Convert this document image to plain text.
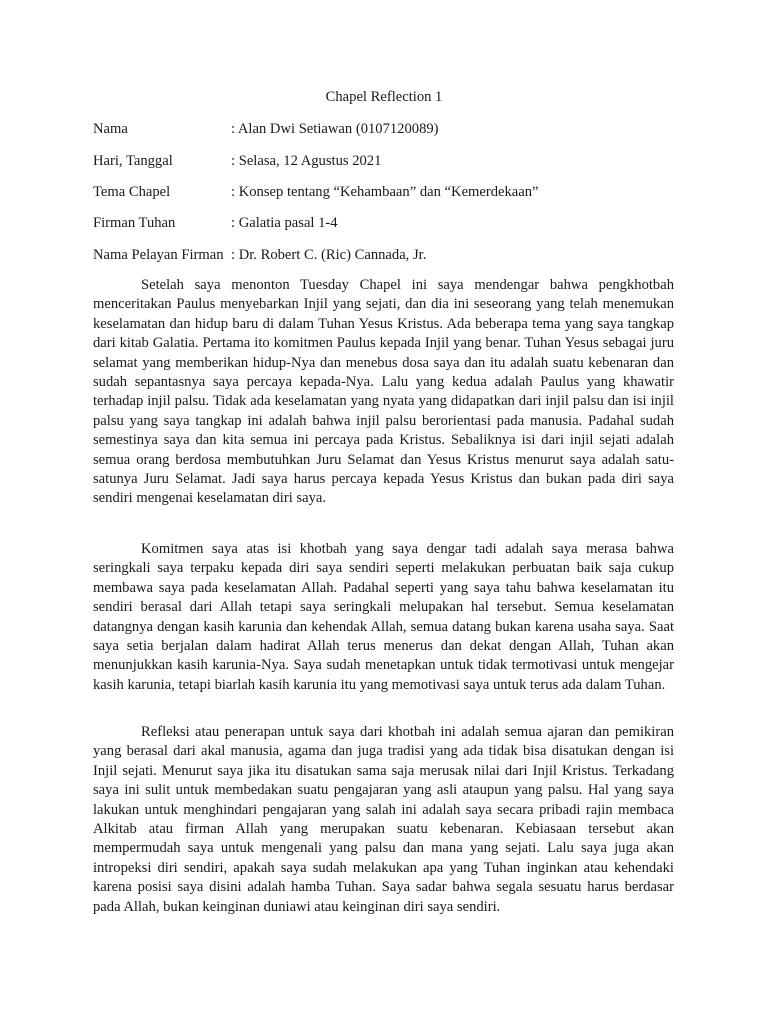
Chapel Reflection 1
Nama	: Alan Dwi Setiawan (0107120089)
Hari, Tanggal	: Selasa, 12 Agustus 2021
Tema Chapel	: Konsep tentang “Kehambaan” dan “Kemerdekaan”
Firman Tuhan	: Galatia pasal 1-4
Nama Pelayan Firman : Dr. Robert C. (Ric) Cannada, Jr.

Setelah saya menonton Tuesday Chapel ini saya mendengar bahwa pengkhotbah menceritakan Paulus menyebarkan Injil yang sejati, dan dia ini seseorang yang telah menemukan keselamatan dan hidup baru di dalam Tuhan Yesus Kristus. Ada beberapa tema yang saya tangkap dari kitab Galatia. Pertama ito komitmen Paulus kepada Injil yang benar. Tuhan Yesus sebagai juru selamat yang memberikan hidup-Nya dan menebus dosa saya dan itu adalah suatu kebenaran dan sudah sepantasnya saya percaya kepada-Nya. Lalu yang kedua adalah Paulus yang khawatir terhadap injil palsu. Tidak ada keselamatan yang nyata yang didapatkan dari injil palsu dan isi injil palsu yang saya tangkap ini adalah bahwa injil palsu berorientasi pada manusia. Padahal sudah semestinya saya dan kita semua ini percaya pada Kristus. Sebaliknya isi dari injil sejati adalah semua orang berdosa membutuhkan Juru Selamat dan Yesus Kristus menurut saya adalah satu-satunya Juru Selamat. Jadi saya harus percaya kepada Yesus Kristus dan bukan pada diri saya sendiri mengenai keselamatan diri saya.

Komitmen saya atas isi khotbah yang saya dengar tadi adalah saya merasa bahwa seringkali saya terpaku kepada diri saya sendiri seperti melakukan perbuatan baik saja cukup membawa saya pada keselamatan Allah. Padahal seperti yang saya tahu bahwa keselamatan itu sendiri berasal dari Allah tetapi saya seringkali melupakan hal tersebut. Semua keselamatan datangnya dengan kasih karunia dan kehendak Allah, semua datang bukan karena usaha saya. Saat saya setia berjalan dalam hadirat Allah terus menerus dan dekat dengan Allah, Tuhan akan menunjukkan kasih karunia-Nya. Saya sudah menetapkan untuk tidak termotivasi untuk mengejar kasih karunia, tetapi biarlah kasih karunia itu yang memotivasi saya untuk terus ada dalam Tuhan.

Refleksi atau penerapan untuk saya dari khotbah ini adalah semua ajaran dan pemikiran yang berasal dari akal manusia, agama dan juga tradisi yang ada tidak bisa disatukan dengan isi Injil sejati. Menurut saya jika itu disatukan sama saja merusak nilai dari Injil Kristus. Terkadang saya ini sulit untuk membedakan suatu pengajaran yang asli ataupun yang palsu. Hal yang saya lakukan untuk menghindari pengajaran yang salah ini adalah saya secara pribadi rajin membaca Alkitab atau firman Allah yang merupakan suatu kebenaran. Kebiasaan tersebut akan mempermudah saya untuk mengenali yang palsu dan mana yang sejati. Lalu saya juga akan intropeksi diri sendiri, apakah saya sudah melakukan apa yang Tuhan inginkan atau kehendaki karena posisi saya disini adalah hamba Tuhan. Saya sadar bahwa segala sesuatu harus berdasar pada Allah, bukan keinginan duniawi atau keinginan diri saya sendiri.
